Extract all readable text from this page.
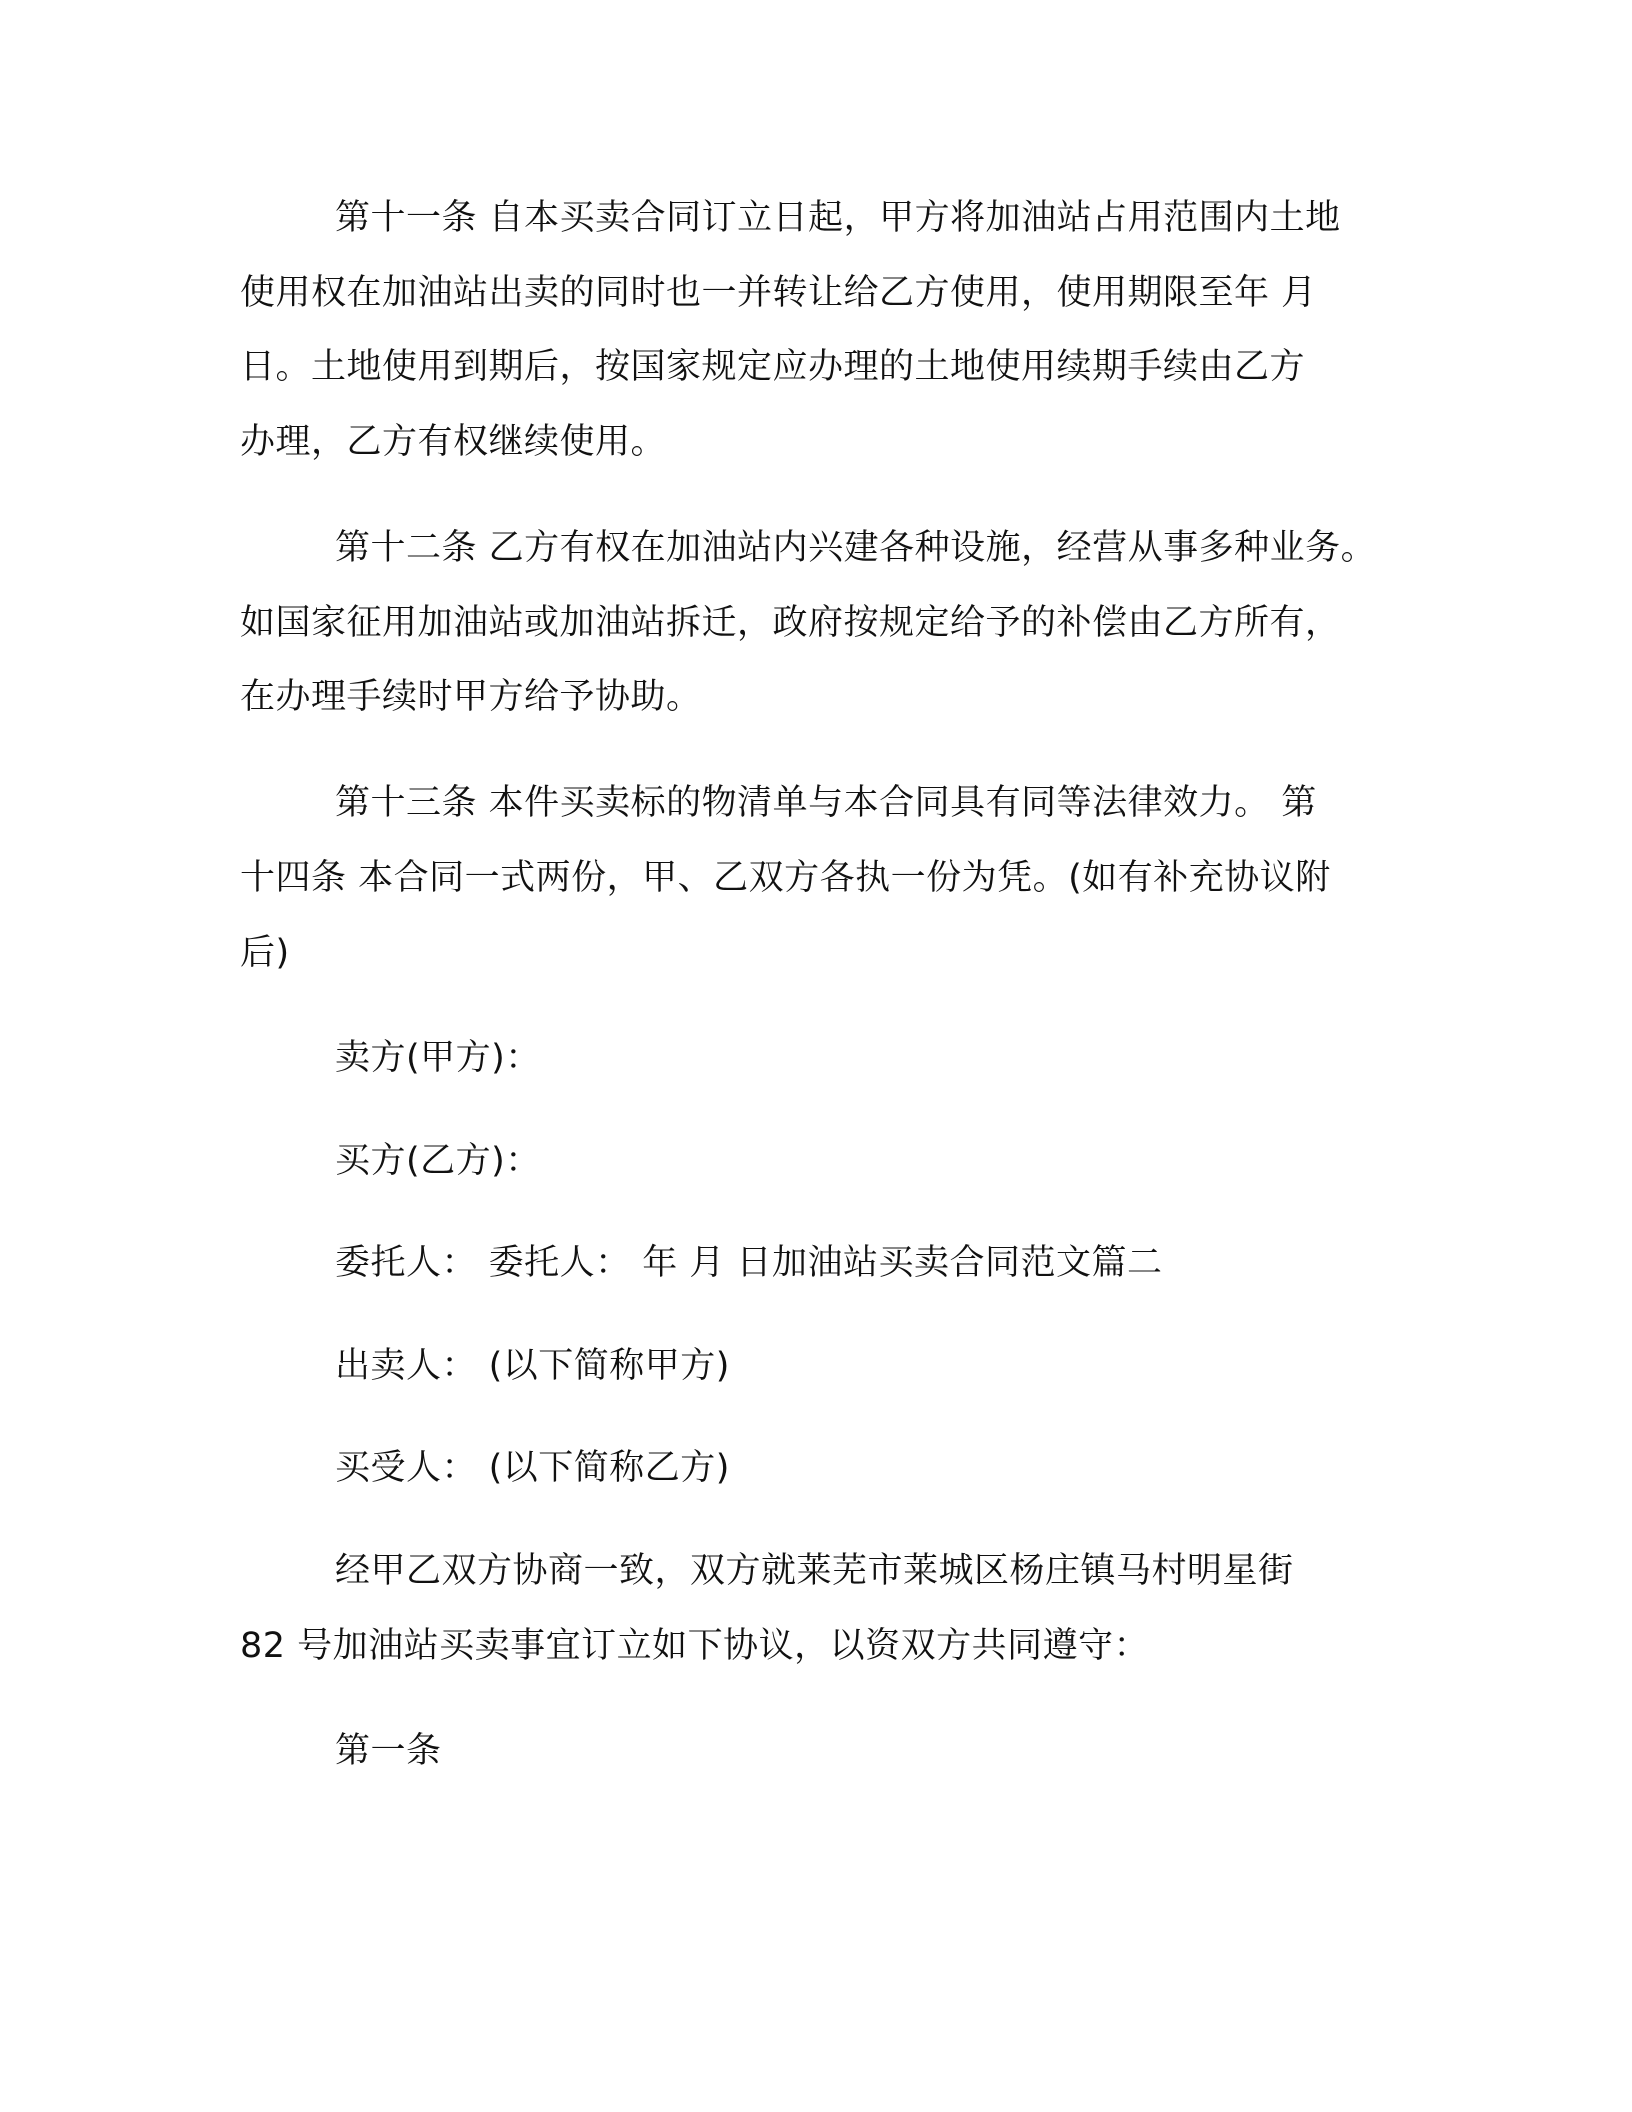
第十一条 自本买卖合同订立日起，甲方将加油站占用范围内土地
使用权在加油站出卖的同时也一并转让给乙方使用，使用期限至年 月
日。土地使用到期后，按国家规定应办理的土地使用续期手续由乙方
办理，乙方有权继续使用。
第十二条 乙方有权在加油站内兴建各种设施，经营从事多种业务。
如国家征用加油站或加油站拆迁，政府按规定给予的补偿由乙方所有，
在办理手续时甲方给予协助。
第十三条 本件买卖标的物清单与本合同具有同等法律效力。 第
十四条 本合同一式两份，甲、乙双方各执一份为凭。(如有补充协议附
后)
卖方(甲方)：
买方(乙方)：
委托人： 委托人： 年 月 日加油站买卖合同范文篇二
出卖人： (以下简称甲方)
买受人： (以下简称乙方)
经甲乙双方协商一致，双方就莱芜市莱城区杨庄镇马村明星街
82 号加油站买卖事宜订立如下协议，以资双方共同遵守：
第一条
